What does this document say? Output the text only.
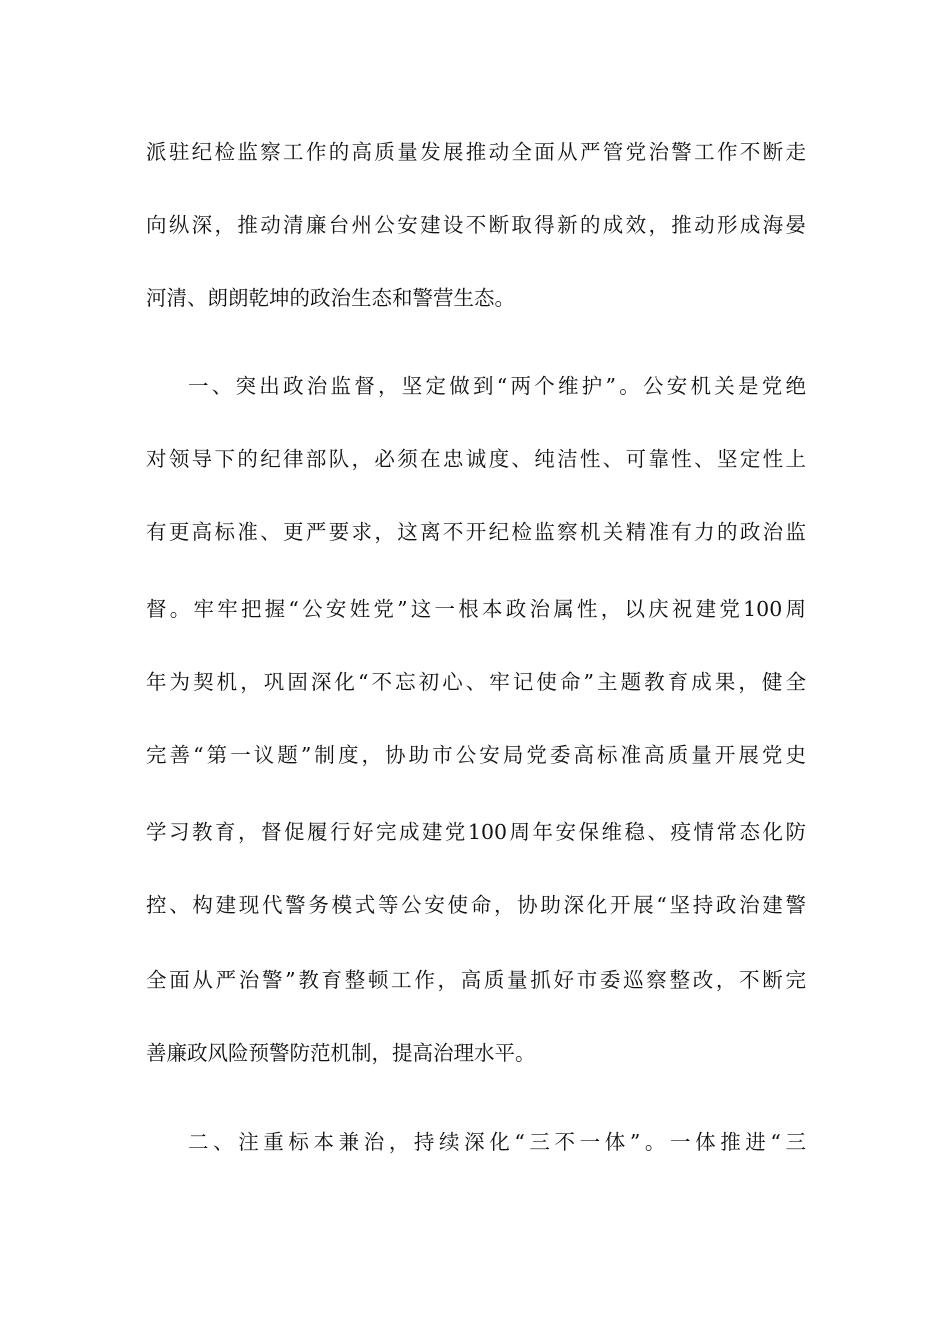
派驻纪检监察工作的高质量发展推动全面从严管党治警工作不断走
向纵深，推动清廉台州公安建设不断取得新的成效，推动形成海晏
河清、朗朗乾坤的政治生态和警营生态。
一、突出政治监督，坚定做到“两个维护”。公安机关是党绝
对领导下的纪律部队，必须在忠诚度、纯洁性、可靠性、坚定性上
有更高标准、更严要求，这离不开纪检监察机关精准有力的政治监
督。牢牢把握“公安姓党”这一根本政治属性，以庆祝建党100周
年为契机，巩固深化“不忘初心、牢记使命”主题教育成果，健全
完善“第一议题”制度，协助市公安局党委高标准高质量开展党史
学习教育，督促履行好完成建党100周年安保维稳、疫情常态化防
控、构建现代警务模式等公安使命，协助深化开展“坚持政治建警
全面从严治警”教育整顿工作，高质量抓好市委巡察整改，不断完
善廉政风险预警防范机制，提高治理水平。
二、注重标本兼治，持续深化“三不一体”。一体推进“三
